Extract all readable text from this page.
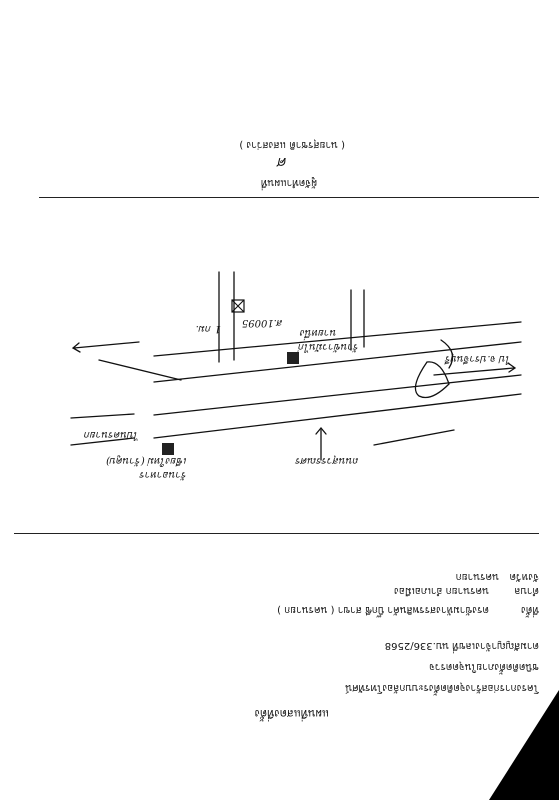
แผนที่แสดงที่ตั้ง
โครงการก่อสร้างจุดติดตั้งระบบกล้องโทรทัศน์
ชนิดติดตั้งภายในจุดตรวจ
ตามสัญญาจ้างเลขที่ นบ.336/2568
ที่ตั้ง
ตรงข้ามห้างสรรพสินค้า บิ๊กซี สาขา ( นครนายก )
ตำบล
นครนายก อำเภอเมือง
จังหวัด
นครนายก
1 กม.
ส.10095
ร้านข้าวมันไก่
นายหนึ่ง
ร้านอาหาร
เชียงใหม่ (ร้านคูบ)	ถนนสุวรรณศร
ไป จ.ปราจีนบุรี
ไปนครนายก
ศ
ผู้จัดทำแผนที่
( นายสุรชาติ แสงสว่าง )
